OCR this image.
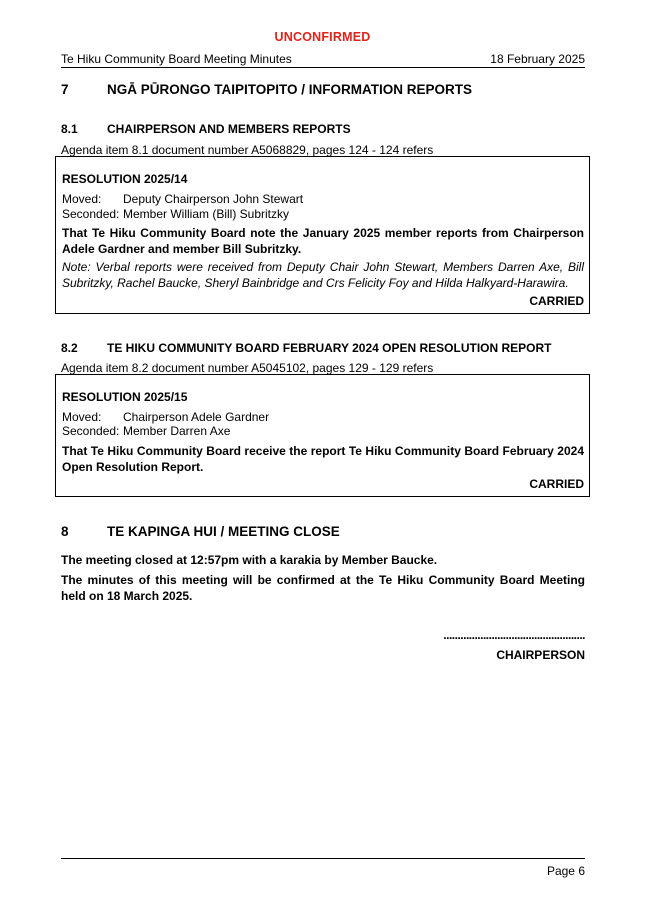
UNCONFIRMED
Te Hiku Community Board Meeting Minutes	18 February 2025
7	NGĀ PŪRONGO TAIPITOPITO / INFORMATION REPORTS
8.1 CHAIRPERSON AND MEMBERS REPORTS
Agenda item 8.1 document number A5068829, pages 124 - 124 refers
RESOLUTION 2025/14
Moved: Deputy Chairperson John Stewart
Seconded: Member William (Bill) Subritzky
That Te Hiku Community Board note the January 2025 member reports from Chairperson Adele Gardner and member Bill Subritzky.
Note: Verbal reports were received from Deputy Chair John Stewart, Members Darren Axe, Bill Subritzky, Rachel Baucke, Sheryl Bainbridge and Crs Felicity Foy and Hilda Halkyard-Harawira.
CARRIED
8.2 TE HIKU COMMUNITY BOARD FEBRUARY 2024 OPEN RESOLUTION REPORT
Agenda item 8.2 document number A5045102, pages 129 - 129 refers
RESOLUTION 2025/15
Moved: Chairperson Adele Gardner
Seconded: Member Darren Axe
That Te Hiku Community Board receive the report Te Hiku Community Board February 2024 Open Resolution Report.
CARRIED
8	TE KAPINGA HUI / MEETING CLOSE
The meeting closed at 12:57pm with a karakia by Member Baucke.
The minutes of this meeting will be confirmed at the Te Hiku Community Board Meeting held on 18 March 2025.
..................................................
CHAIRPERSON
Page 6
